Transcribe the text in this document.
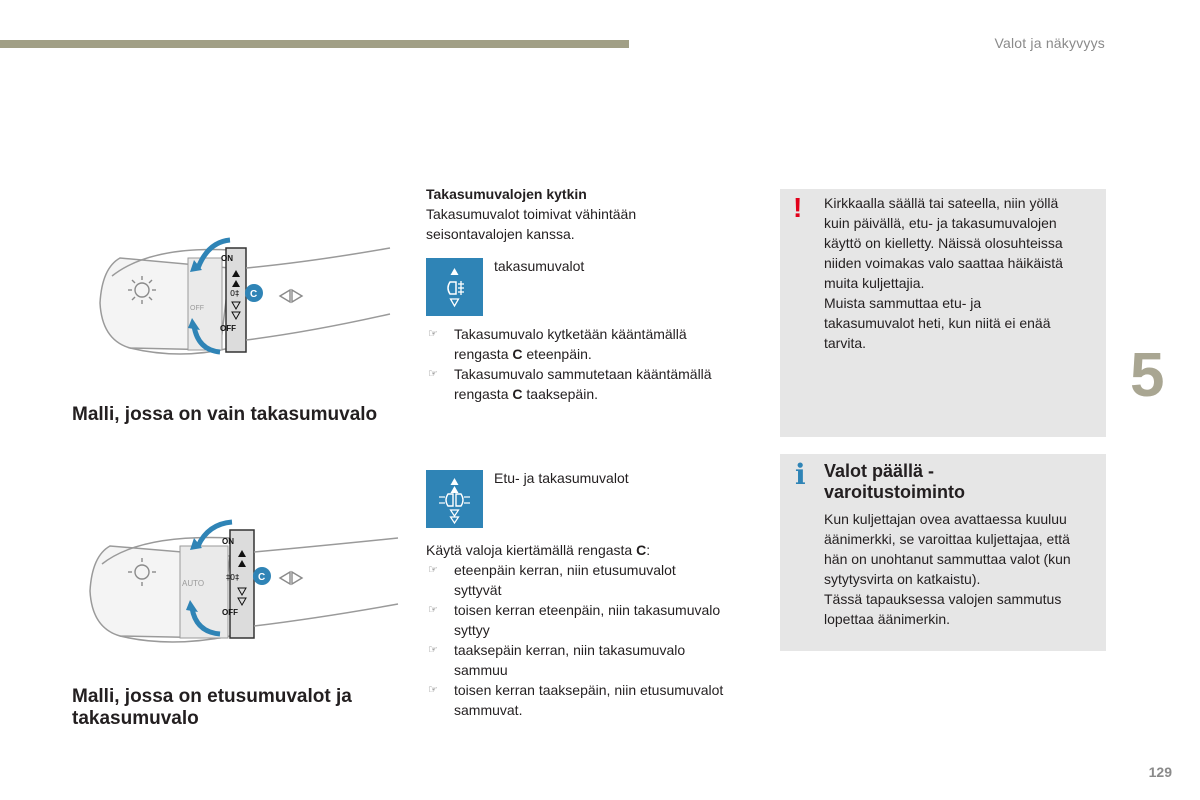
Valot ja näkyvyys
5
129
OFF
ON
0‡
OFF
C
Malli, jossa on vain takasumuvalo
AUTO
ON
‡0‡
OFF
C
Malli, jossa on etusumuvalot ja
takasumuvalo
Takasumuvalojen kytkin
Takasumuvalot toimivat vähintään
seisontavalojen kanssa.
takasumuvalot
☞ Takasumuvalo kytketään kääntämällä
rengasta C eteenpäin.
☞ Takasumuvalo sammutetaan kääntämällä
rengasta C taaksepäin.
Etu- ja takasumuvalot
Käytä valoja kiertämällä rengasta C:
☞ eteenpäin kerran, niin etusumuvalot
syttyvät
☞ toisen kerran eteenpäin, niin takasumuvalo
syttyy
☞ taaksepäin kerran, niin takasumuvalo
sammuu
☞ toisen kerran taaksepäin, niin etusumuvalot
sammuvat.
! Kirkkaalla säällä tai sateella, niin yöllä
kuin päivällä, etu- ja takasumuvalojen
käyttö on kielletty. Näissä olosuhteissa
niiden voimakas valo saattaa häikäistä
muita kuljettajia.
Muista sammuttaa etu- ja
takasumuvalot heti, kun niitä ei enää
tarvita.
i Valot päällä -
varoitustoiminto
Kun kuljettajan ovea avattaessa kuuluu
äänimerkki, se varoittaa kuljettajaa, että
hän on unohtanut sammuttaa valot (kun
sytytysvirta on katkaistu).
Tässä tapauksessa valojen sammutus
lopettaa äänimerkin.
